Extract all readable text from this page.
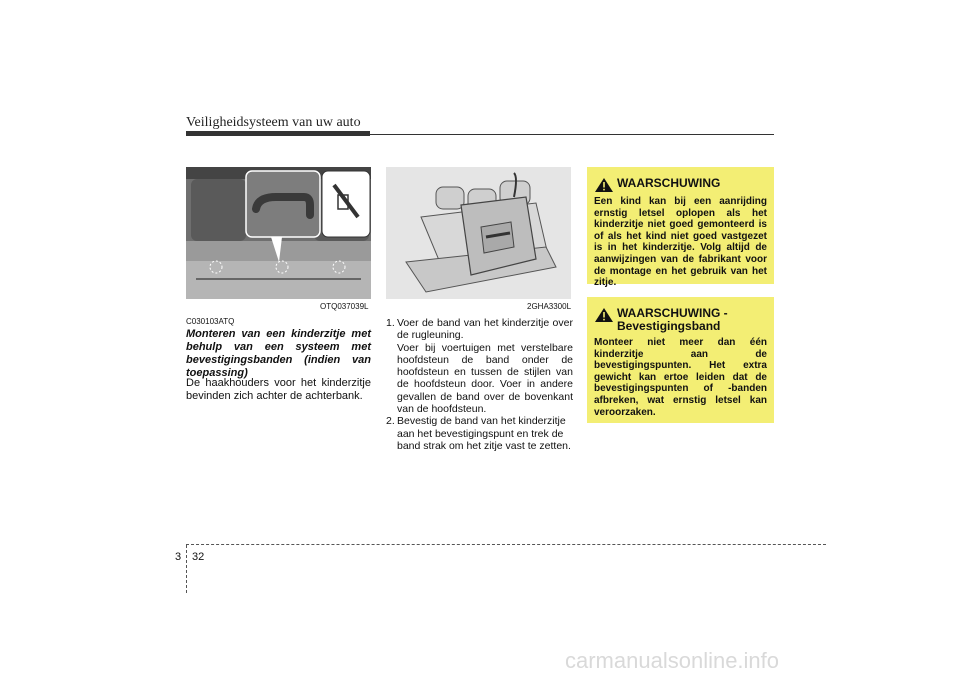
Veiligheidsysteem van uw auto
OTQ037039L	2GHA3300L
C030103ATQ
Monteren van een kinderzitje met
behulp van een systeem met
bevestigingsbanden (indien van
toepassing)
De haakhouders voor het kinderzitje bevinden zich achter de achterbank.
1. Voer de band van het kinderzitje over de rugleuning.
Voer bij voertuigen met verstelbare hoofdsteun de band onder de hoofdsteun en tussen de stijlen van de hoofdsteun door. Voer in andere gevallen de band over de bovenkant van de hoofdsteun.
2. Bevestig de band van het kinderzitje
aan het bevestigingspunt en trek de
band strak om het zitje vast te zetten.
WAARSCHUWING
Een kind kan bij een aanrijding ernstig letsel oplopen als het kinderzitje niet goed gemonteerd is of als het kind niet goed vastgezet is in het kinderzitje. Volg altijd de aanwijzingen van de fabrikant voor de montage en het gebruik van het zitje.
WAARSCHUWING -
Bevestigingsband
Monteer niet meer dan één kinderzitje aan de bevestigingspunten. Het extra gewicht kan ertoe leiden dat de bevestigingspunten of -banden afbreken, wat ernstig letsel kan veroorzaken.
3 32
carmanualsonline.info
